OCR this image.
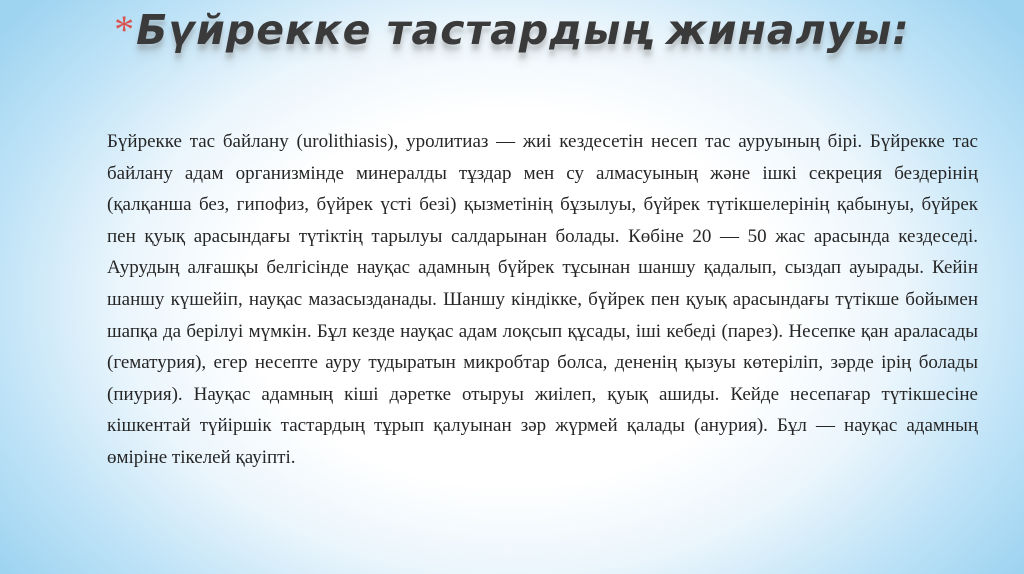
*Бүйрекке тастардың жиналуы:

Бүйрекке тас байлану (urolithiasis), уролитиаз — жиі кездесетін несеп тас ауруының бірі. Бүйрекке тас байлану адам организмінде минералды тұздар мен су алмасуының және ішкі секреция бездерінің (қалқанша без, гипофиз, бүйрек үсті безі) қызметінің бұзылуы, бүйрек түтікшелерінің қабынуы, бүйрек пен қуық арасындағы түтіктің тарылуы салдарынан болады. Көбіне 20 — 50 жас арасында кездеседі. Аурудың алғашқы белгісінде науқас адамның бүйрек тұсынан шаншу қадалып, сыздап ауырады. Кейін шаншу күшейіп, науқас мазасызданады. Шаншу кіндікке, бүйрек пен қуық арасындағы түтікше бойымен шапқа да берілуі мүмкін. Бұл кезде науқас адам лоқсып құсады, іші кебеді (парез). Несепке қан араласады (гематурия), егер несепте ауру тудыратын микробтар болса, дененің қызуы көтеріліп, зәрде ірің болады (пиурия). Науқас адамның кіші дәретке отыруы жиілеп, қуық ашиды. Кейде несепағар түтікшесіне кішкентай түйіршік тастардың тұрып қалуынан зәр жүрмей қалады (анурия). Бұл — науқас адамның өміріне тікелей қауіпті.
